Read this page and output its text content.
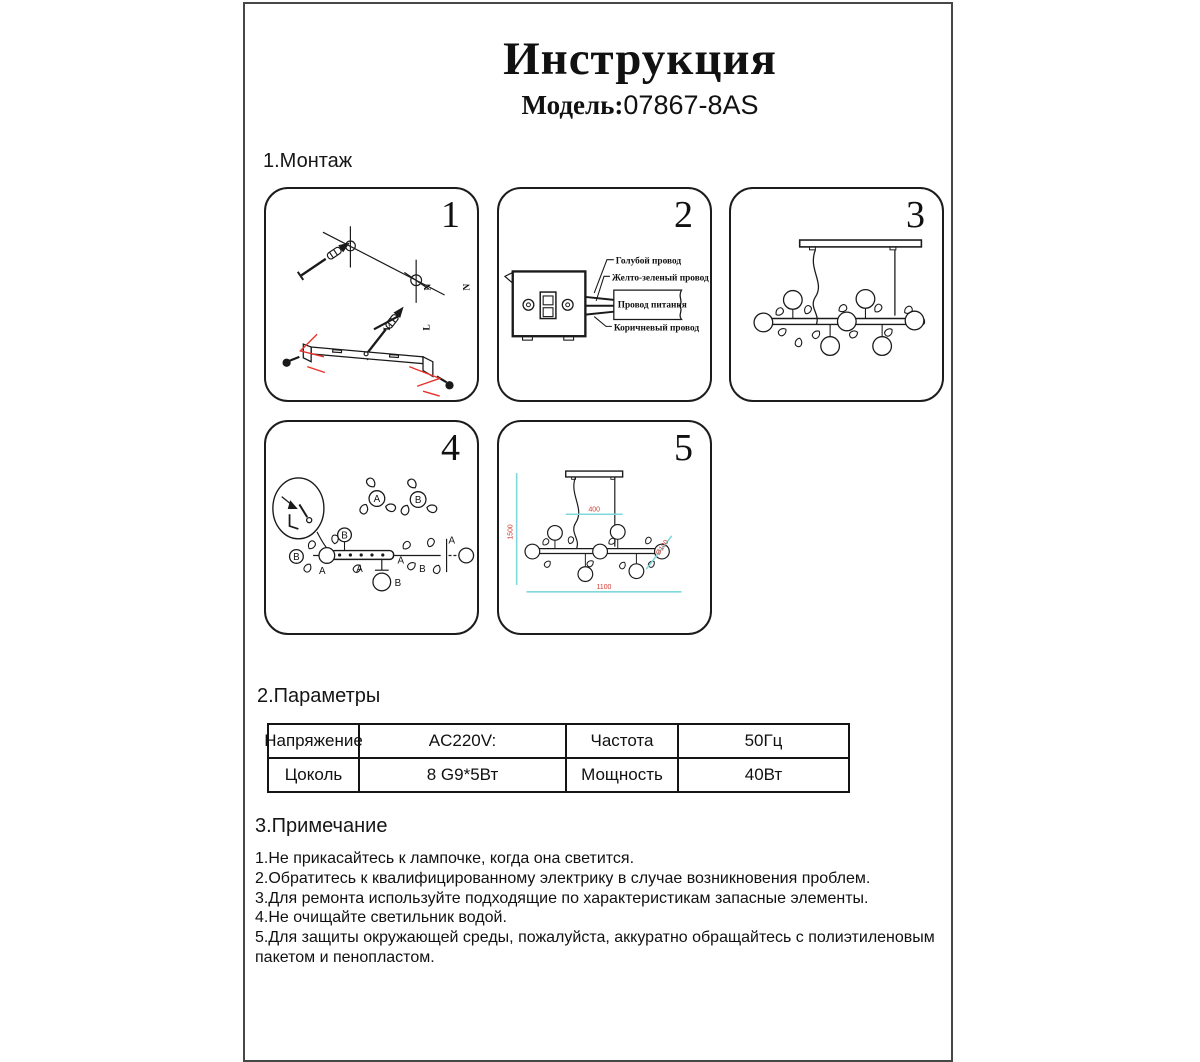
Инструкция
Модель:07867-8AS
1.Монтаж
1
N
L
N
L
Голубой провод
Желто-зеленый провод
Провод питания
Коричневый провод
2	3
A	B
B
B
B
A	A
A
A
B
4
400
1500
1100
Ø100
5
2.Параметры
Напряжение	AC220V:	Частота	50Гц
Цоколь	8 G9*5Вт	Мощность	40Вт
3.Примечание

1.Не прикасайтесь к лампочке, когда она светится.

2.Обратитесь к квалифицированному электрику в случае возникновения проблем.

3.Для ремонта используйте подходящие по характеристикам запасные элементы.

4.Не очищайте светильник водой.

5.Для защиты окружающей среды, пожалуйста, аккуратно обращайтесь с полиэтиленовым пакетом и пенопластом.
